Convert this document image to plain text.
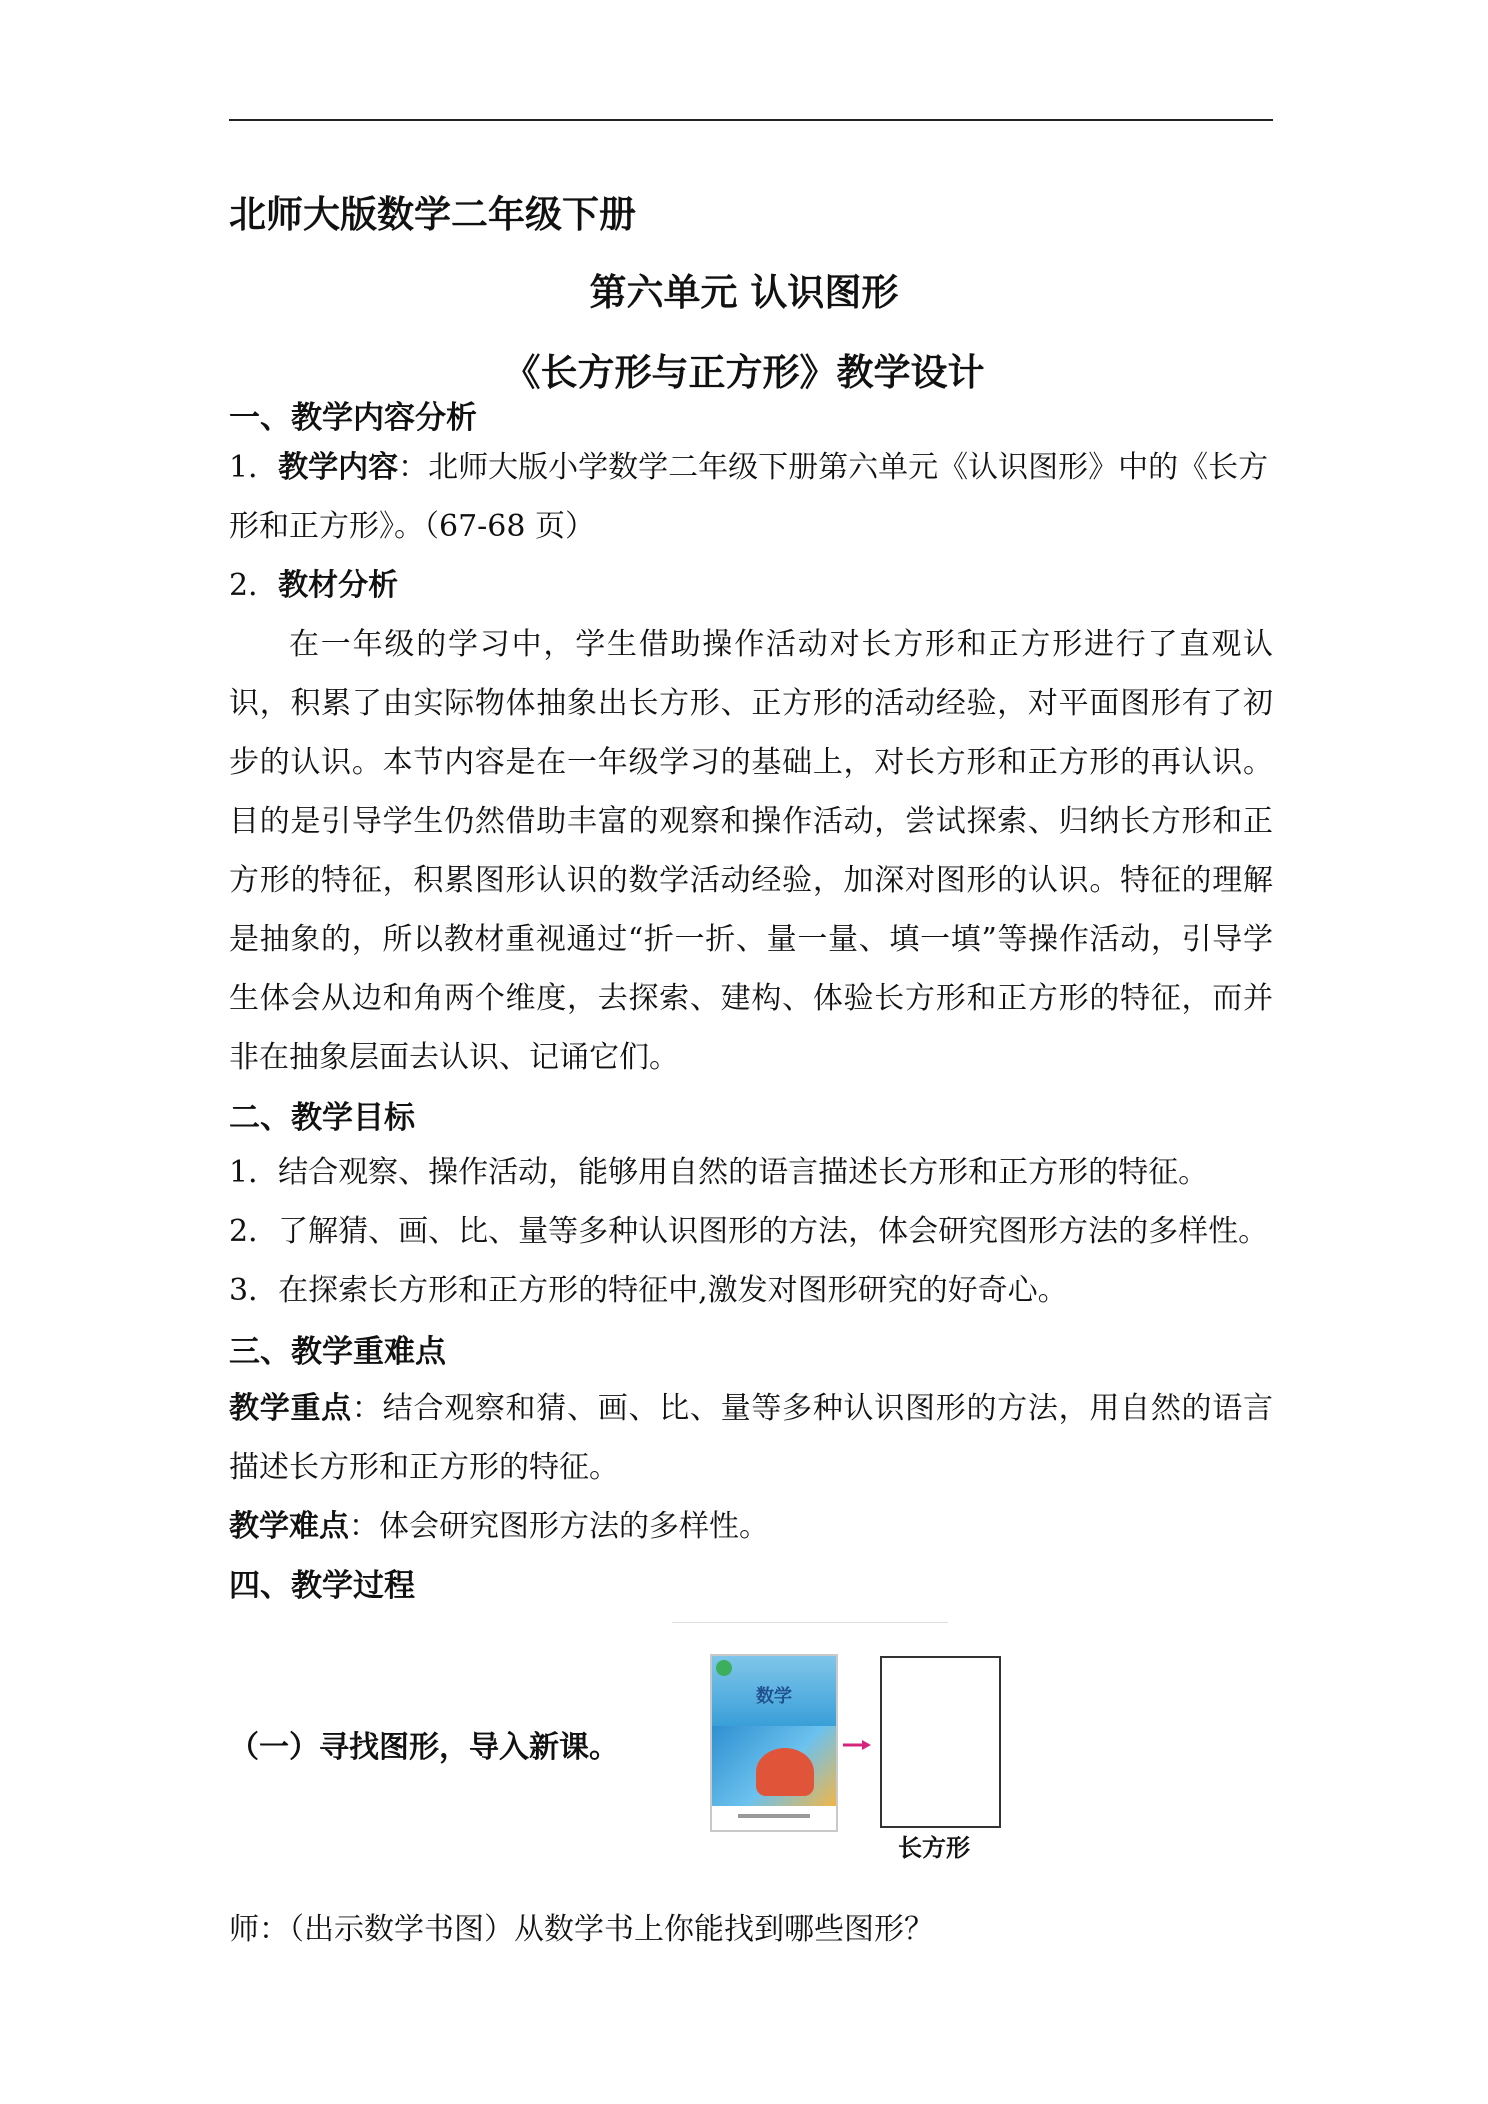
北师大版数学二年级下册
第六单元 认识图形
《长方形与正方形》教学设计
一、教学内容分析
1．教学内容：北师大版小学数学二年级下册第六单元《认识图形》中的《长方
形和正方形》。（67-68 页）
2．教材分析
在一年级的学习中，学生借助操作活动对长方形和正方形进行了直观认识，积累了由实际物体抽象出长方形、正方形的活动经验，对平面图形有了初步的认识。本节内容是在一年级学习的基础上，对长方形和正方形的再认识。目的是引导学生仍然借助丰富的观察和操作活动，尝试探索、归纳长方形和正方形的特征，积累图形认识的数学活动经验，加深对图形的认识。特征的理解是抽象的，所以教材重视通过“折一折、量一量、填一填”等操作活动，引导学生体会从边和角两个维度，去探索、建构、体验长方形和正方形的特征，而并非在抽象层面去认识、记诵它们。
二、教学目标
1．结合观察、操作活动，能够用自然的语言描述长方形和正方形的特征。
2．了解猜、画、比、量等多种认识图形的方法，体会研究图形方法的多样性。
3．在探索长方形和正方形的特征中,激发对图形研究的好奇心。
三、教学重难点
教学重点：结合观察和猜、画、比、量等多种认识图形的方法，用自然的语言描述长方形和正方形的特征。
教学难点：体会研究图形方法的多样性。
四、教学过程
（一）寻找图形，导入新课。
数学
长方形
师：（出示数学书图）从数学书上你能找到哪些图形？
